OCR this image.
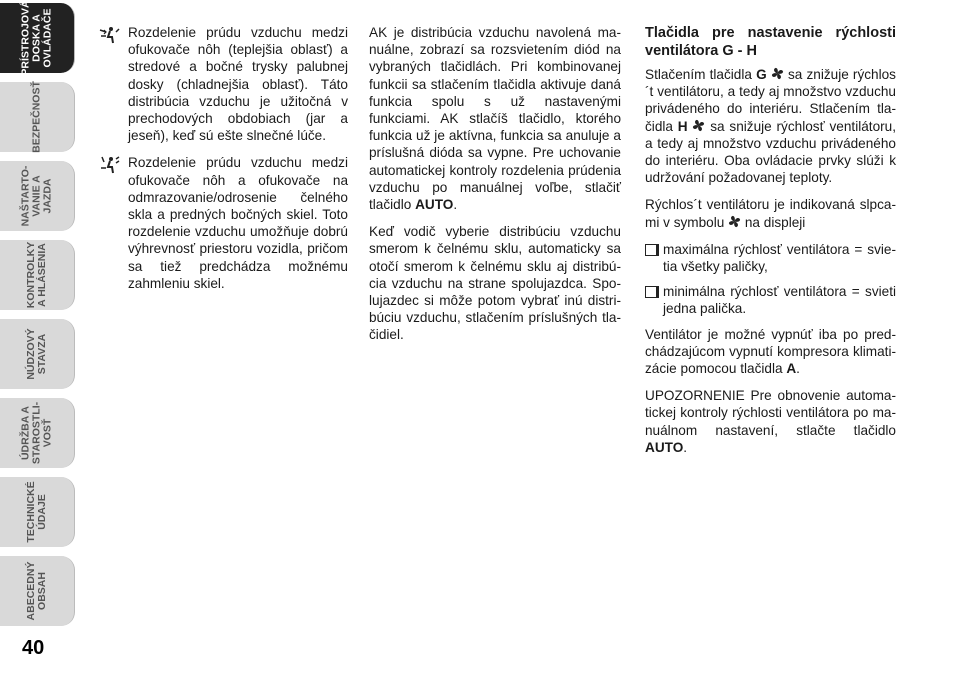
PRÍSTROJOVÁ
DOSKA A
OVLÁDAČE
BEZPEČNOSŤ
NAŠTARTO-
VANIE A
JAZDA
KONTROLKY
A HLÁSENIA
NÚDZOVÝ
STAVZA
ÚDRŽBA A
STAROSTLI-
VOSŤ
TECHNICKÉ
ÚDAJE
ABECEDNÝ
OBSAH
40
Rozdelenie prúdu vzduchu medzi ofukovače nôh (teplejšia oblasť) a stredové a bočné trysky palubnej dosky (chladnejšia oblasť). Táto distribúcia vzduchu je užitočná v prechodových obdobiach (jar a jeseň), keď sú ešte slnečné lúče.
Rozdelenie prúdu vzduchu medzi ofukovače nôh a ofukovače na odmrazovanie/odrosenie čelného skla a predných bočných skiel. Toto rozdelenie vzduchu umožňuje dobrú výhrevnosť priestoru vozidla, pričom sa tiež predchádza možnému zahmleniu skiel.

AK je distribúcia vzduchu navolená manuálne, zobrazí sa rozsvietením diód na vybraných tlačidlách. Pri kombinovanej funkcii sa stlačením tlačidla aktivuje daná funkcia spolu s už nastavenými funkciami. AK stlačíš tlačidlo, ktorého funkcia už je aktívna, funkcia sa anuluje a príslušná dióda sa vypne. Pre uchovanie automatickej kontroly rozdelenia prúdenia vzduchu po manuálnej voľbe, stlačiť tlačidlo AUTO.

Keď vodič vyberie distribúciu vzduchu smerom k čelnému sklu, automaticky sa otočí smerom k čelnému sklu aj distribúcia vzduchu na strane spolujazdca. Spolujazdec si môže potom vybrať inú distribúciu vzduchu, stlačením príslušných tlačidiel.

Tlačidla pre nastavenie rýchlosti ventilátora G - H

Stlačením tlačidla G sa znižuje rýchlos´t ventilátoru, a tedy aj množstvo vzduchu privádeného do interiéru. Stlačením tlačidla H sa snižuje rýchlosť ventilátoru, a tedy aj množstvo vzduchu privádeného do interiéru. Oba ovládacie prvky slúži k udržování požadovanej teploty.

Rýchlos´t ventilátoru je indikovaná slpcami v symbolu na displeji

maximálna rýchlosť ventilátora = svietia všetky paličky,
minimálna rýchlosť ventilátora = svieti jedna palička.

Ventilátor je možné vypnúť iba po predchádzajúcom vypnutí kompresora klimatizácie pomocou tlačidla A.

UPOZORNENIE Pre obnovenie automatickej kontroly rýchlosti ventilátora po manuálnom nastavení, stlačte tlačidlo AUTO.
